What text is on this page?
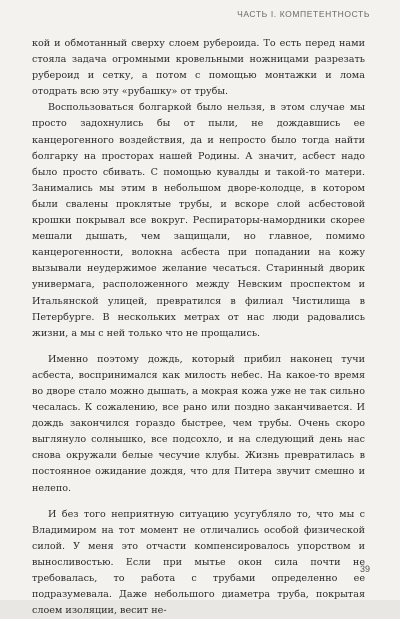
ЧАСТЬ I. КОМПЕТЕНТНОСТЬ

кой и обмотанный сверху слоем рубероида. То есть перед нами стояла задача огромными кровельными ножницами разрезать рубероид и сетку, а потом с помощью монтажки и лома отодрать всю эту «рубашку» от трубы.

Воспользоваться болгаркой было нельзя, в этом случае мы просто задохнулись бы от пыли, не дождавшись ее канцерогенного воздействия, да и непросто было тогда найти болгарку на просторах нашей Родины. А значит, асбест надо было просто сбивать. С помощью кувалды и такой-то матери. Занимались мы этим в небольшом дворе-колодце, в котором были свалены проклятые трубы, и вскоре слой асбестовой крошки покрывал все вокруг. Респираторы-намордники скорее мешали дышать, чем защищали, но главное, помимо канцерогенности, волокна асбеста при попадании на кожу вызывали неудержимое желание чесаться. Старинный дворик универмага, расположенного между Невским проспектом и Итальянской улицей, превратился в филиал Чистилища в Петербурге. В нескольких метрах от нас люди радовались жизни, а мы с ней только что не прощались.

Именно поэтому дождь, который прибил наконец тучи асбеста, воспринимался как милость небес. На какое-то время во дворе стало можно дышать, а мокрая кожа уже не так сильно чесалась. К сожалению, все рано или поздно заканчивается. И дождь закончился гораздо быстрее, чем трубы. Очень скоро выглянуло солнышко, все подсохло, и на следующий день нас снова окружали белые чесучие клубы. Жизнь превратилась в постоянное ожидание дождя, что для Питера звучит смешно и нелепо.

И без того неприятную ситуацию усугубляло то, что мы с Владимиром на тот момент не отличались особой физической силой. У меня это отчасти компенсировалось упорством и выносливостью. Если при мытье окон сила почти не требовалась, то работа с трубами определенно ее подразумевала. Даже небольшого диаметра труба, покрытая слоем изоляции, весит не-

39
